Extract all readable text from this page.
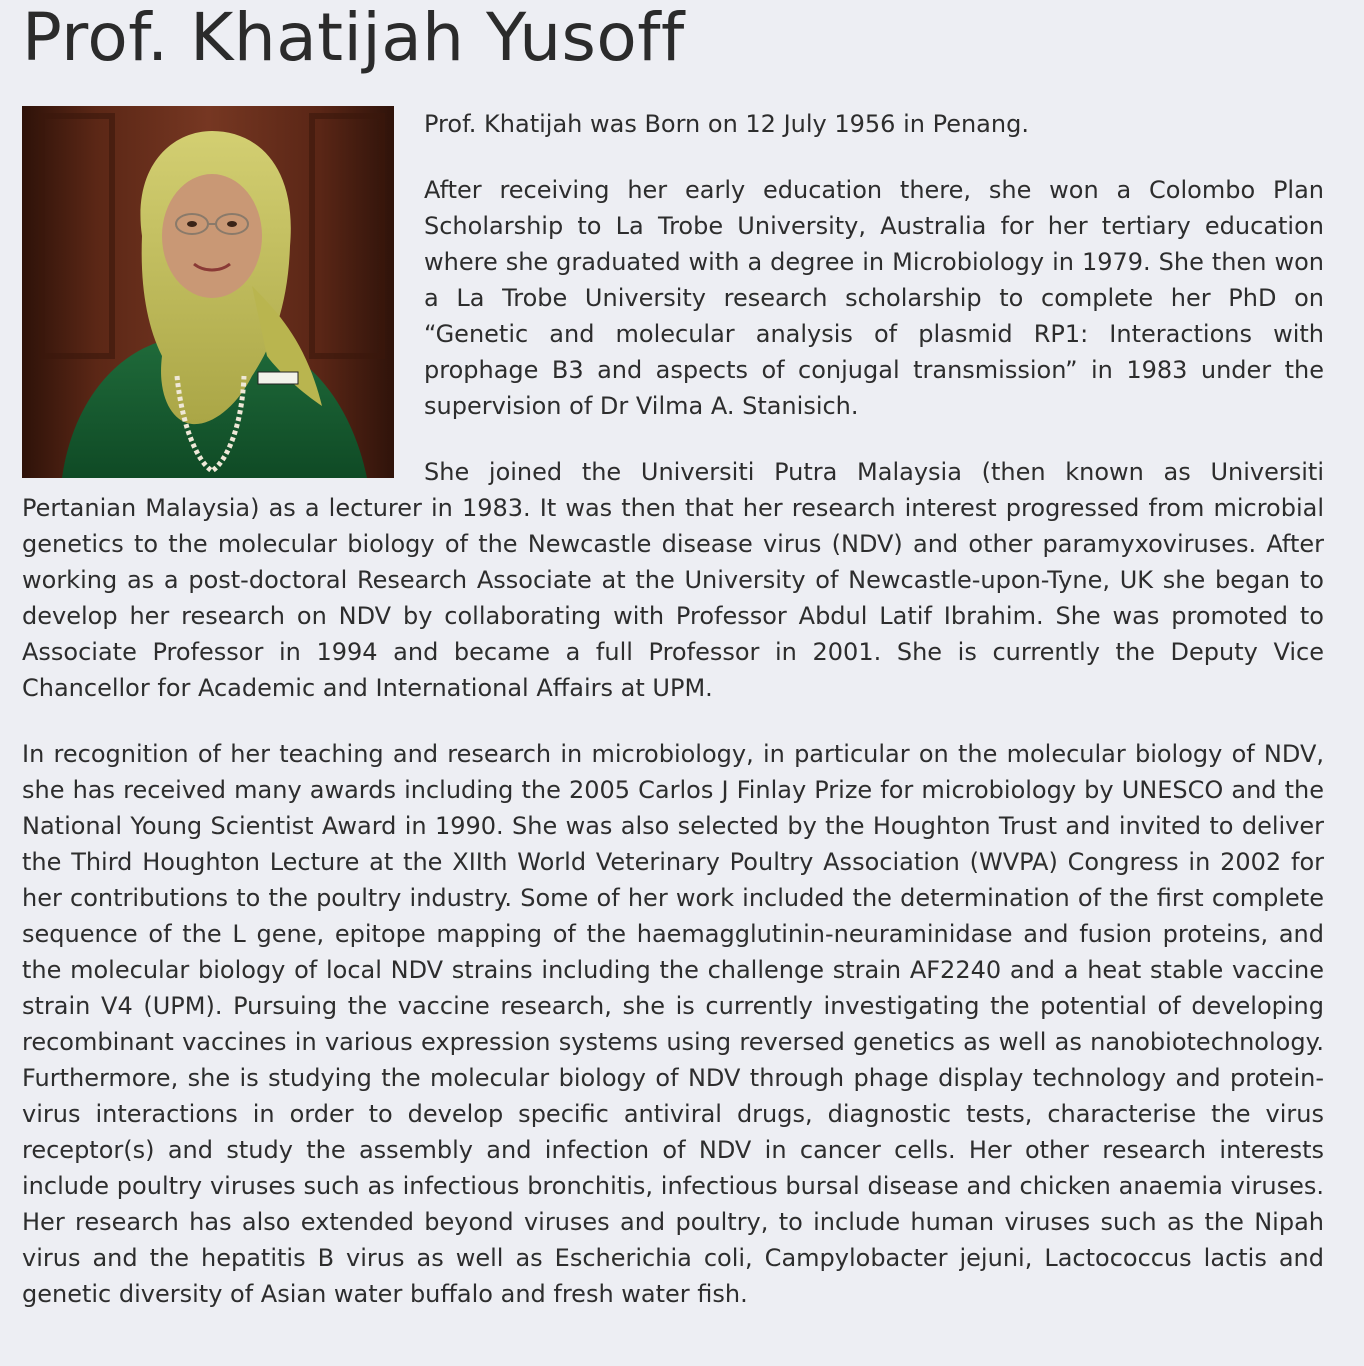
Prof. Khatijah Yusoff

Prof. Khatijah was Born on 12 July 1956 in Penang.

After receiving her early education there, she won a Colombo Plan Scholarship to La Trobe University, Australia for her tertiary education where she graduated with a degree in Microbiology in 1979. She then won a La Trobe University research scholarship to complete her PhD on “Genetic and molecular analysis of plasmid RP1: Interactions with prophage B3 and aspects of conjugal transmission” in 1983 under the supervision of Dr Vilma A. Stanisich.

She joined the Universiti Putra Malaysia (then known as Universiti Pertanian Malaysia) as a lecturer in 1983. It was then that her research interest progressed from microbial genetics to the molecular biology of the Newcastle disease virus (NDV) and other paramyxoviruses. After working as a post-doctoral Research Associate at the University of Newcastle-upon-Tyne, UK she began to develop her research on NDV by collaborating with Professor Abdul Latif Ibrahim. She was promoted to Associate Professor in 1994 and became a full Professor in 2001. She is currently the Deputy Vice Chancellor for Academic and International Affairs at UPM.

In recognition of her teaching and research in microbiology, in particular on the molecular biology of NDV, she has received many awards including the 2005 Carlos J Finlay Prize for microbiology by UNESCO and the National Young Scientist Award in 1990. She was also selected by the Houghton Trust and invited to deliver the Third Houghton Lecture at the XIIth World Veterinary Poultry Association (WVPA) Congress in 2002 for her contributions to the poultry industry. Some of her work included the determination of the first complete sequence of the L gene, epitope mapping of the haemagglutinin-neuraminidase and fusion proteins, and the molecular biology of local NDV strains including the challenge strain AF2240 and a heat stable vaccine strain V4 (UPM). Pursuing the vaccine research, she is currently investigating the potential of developing recombinant vaccines in various expression systems using reversed genetics as well as nanobiotechnology. Furthermore, she is studying the molecular biology of NDV through phage display technology and protein-virus interactions in order to develop specific antiviral drugs, diagnostic tests, characterise the virus receptor(s) and study the assembly and infection of NDV in cancer cells. Her other research interests include poultry viruses such as infectious bronchitis, infectious bursal disease and chicken anaemia viruses. Her research has also extended beyond viruses and poultry, to include human viruses such as the Nipah virus and the hepatitis B virus as well as Escherichia coli, Campylobacter jejuni, Lactococcus lactis and genetic diversity of Asian water buffalo and fresh water fish.
